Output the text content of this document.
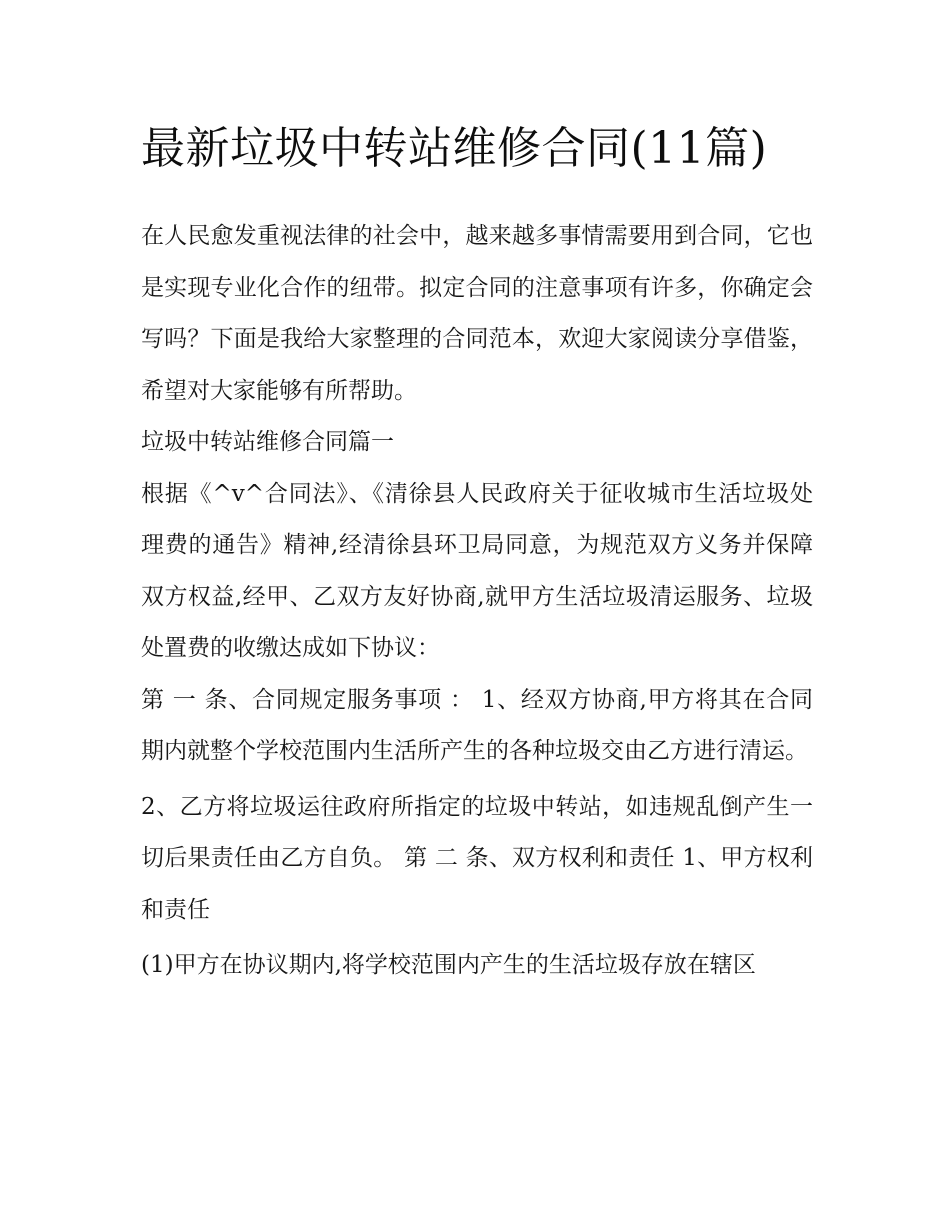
最新垃圾中转站维修合同(11篇)

在人民愈发重视法律的社会中，越来越多事情需要用到合同，它也是实现专业化合作的纽带。拟定合同的注意事项有许多，你确定会写吗？下面是我给大家整理的合同范本，欢迎大家阅读分享借鉴，希望对大家能够有所帮助。

垃圾中转站维修合同篇一

根据《^v^合同法》、《清徐县人民政府关于征收城市生活垃圾处理费的通告》精神,经清徐县环卫局同意，为规范双方义务并保障双方权益,经甲、乙双方友好协商,就甲方生活垃圾清运服务、垃圾处置费的收缴达成如下协议：

第 一 条、合同规定服务事项 ： 1、经双方协商,甲方将其在合同期内就整个学校范围内生活所产生的各种垃圾交由乙方进行清运。

2、乙方将垃圾运往政府所指定的垃圾中转站，如违规乱倒产生一切后果责任由乙方自负。 第 二 条、双方权利和责任 1、甲方权利和责任

(1)甲方在协议期内,将学校范围内产生的生活垃圾存放在辖区
